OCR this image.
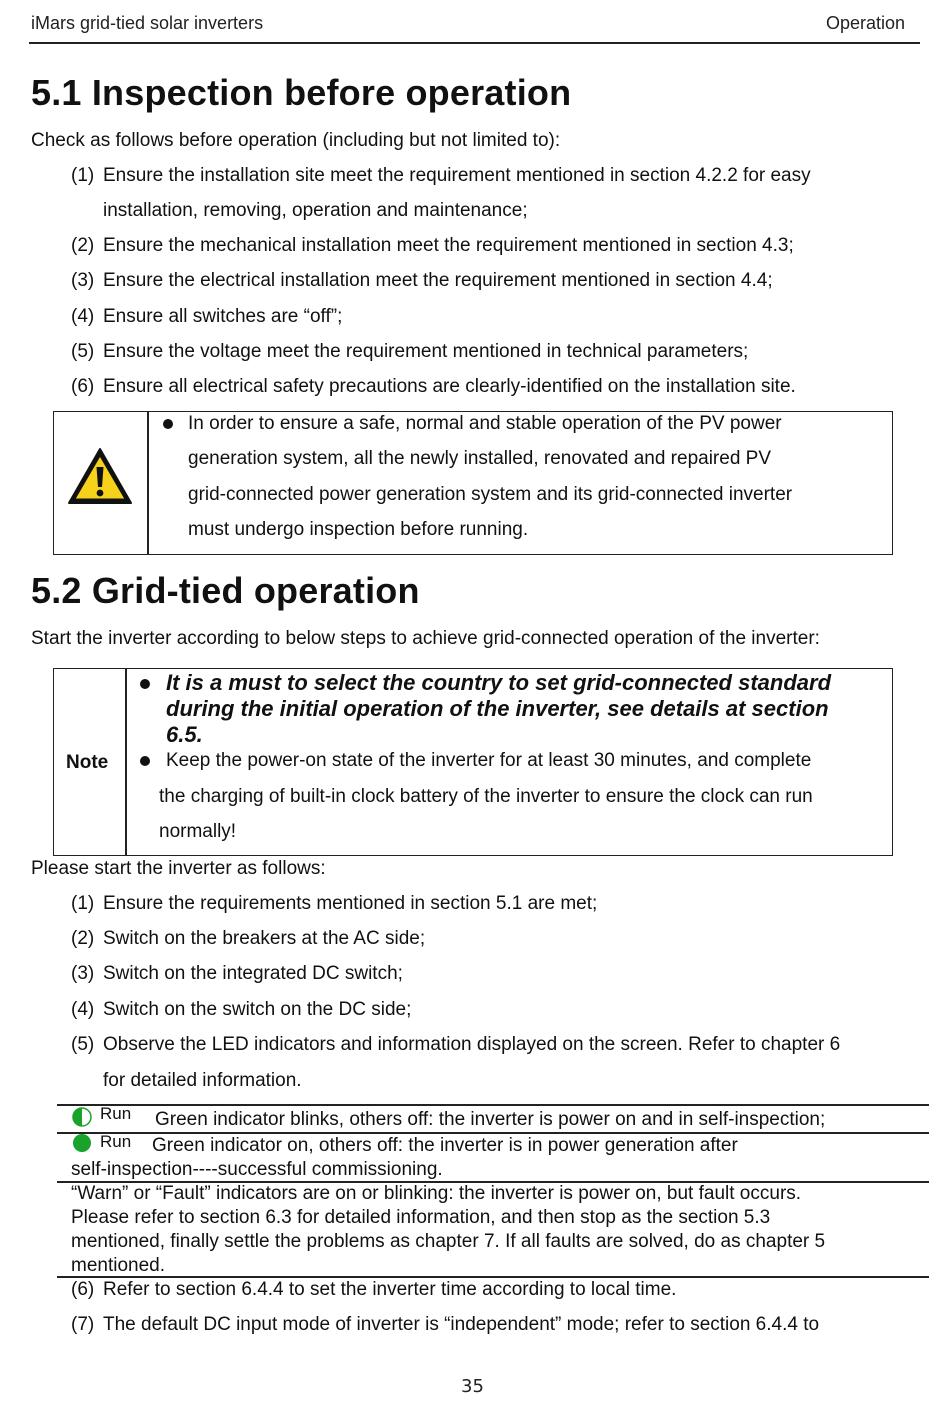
iMars grid-tied solar inverters	Operation
5.1 Inspection before operation
Check as follows before operation (including but not limited to):
(1) Ensure the installation site meet the requirement mentioned in section 4.2.2 for easy
installation, removing, operation and maintenance;
(2) Ensure the mechanical installation meet the requirement mentioned in section 4.3;
(3) Ensure the electrical installation meet the requirement mentioned in section 4.4;
(4) Ensure all switches are “off”;
(5) Ensure the voltage meet the requirement mentioned in technical parameters;
(6) Ensure all electrical safety precautions are clearly-identified on the installation site.
In order to ensure a safe, normal and stable operation of the PV power
generation system, all the newly installed, renovated and repaired PV
grid-connected power generation system and its grid-connected inverter
must undergo inspection before running.
5.2 Grid-tied operation
Start the inverter according to below steps to achieve grid-connected operation of the inverter:
Note
It is a must to select the country to set grid-connected standard
during the initial operation of the inverter, see details at section
6.5.
Keep the power-on state of the inverter for at least 30 minutes, and complete
the charging of built-in clock battery of the inverter to ensure the clock can run
normally!
Please start the inverter as follows:
(1) Ensure the requirements mentioned in section 5.1 are met;
(2) Switch on the breakers at the AC side;
(3) Switch on the integrated DC switch;
(4) Switch on the switch on the DC side;
(5) Observe the LED indicators and information displayed on the screen. Refer to chapter 6
for detailed information.
Run Green indicator blinks, others off: the inverter is power on and in self-inspection;
Run Green indicator on, others off: the inverter is in power generation after
self-inspection----successful commissioning.
“Warn” or “Fault” indicators are on or blinking: the inverter is power on, but fault occurs.
Please refer to section 6.3 for detailed information, and then stop as the section 5.3
mentioned, finally settle the problems as chapter 7. If all faults are solved, do as chapter 5
mentioned.
(6) Refer to section 6.4.4 to set the inverter time according to local time.
(7) The default DC input mode of inverter is “independent” mode; refer to section 6.4.4 to
35
